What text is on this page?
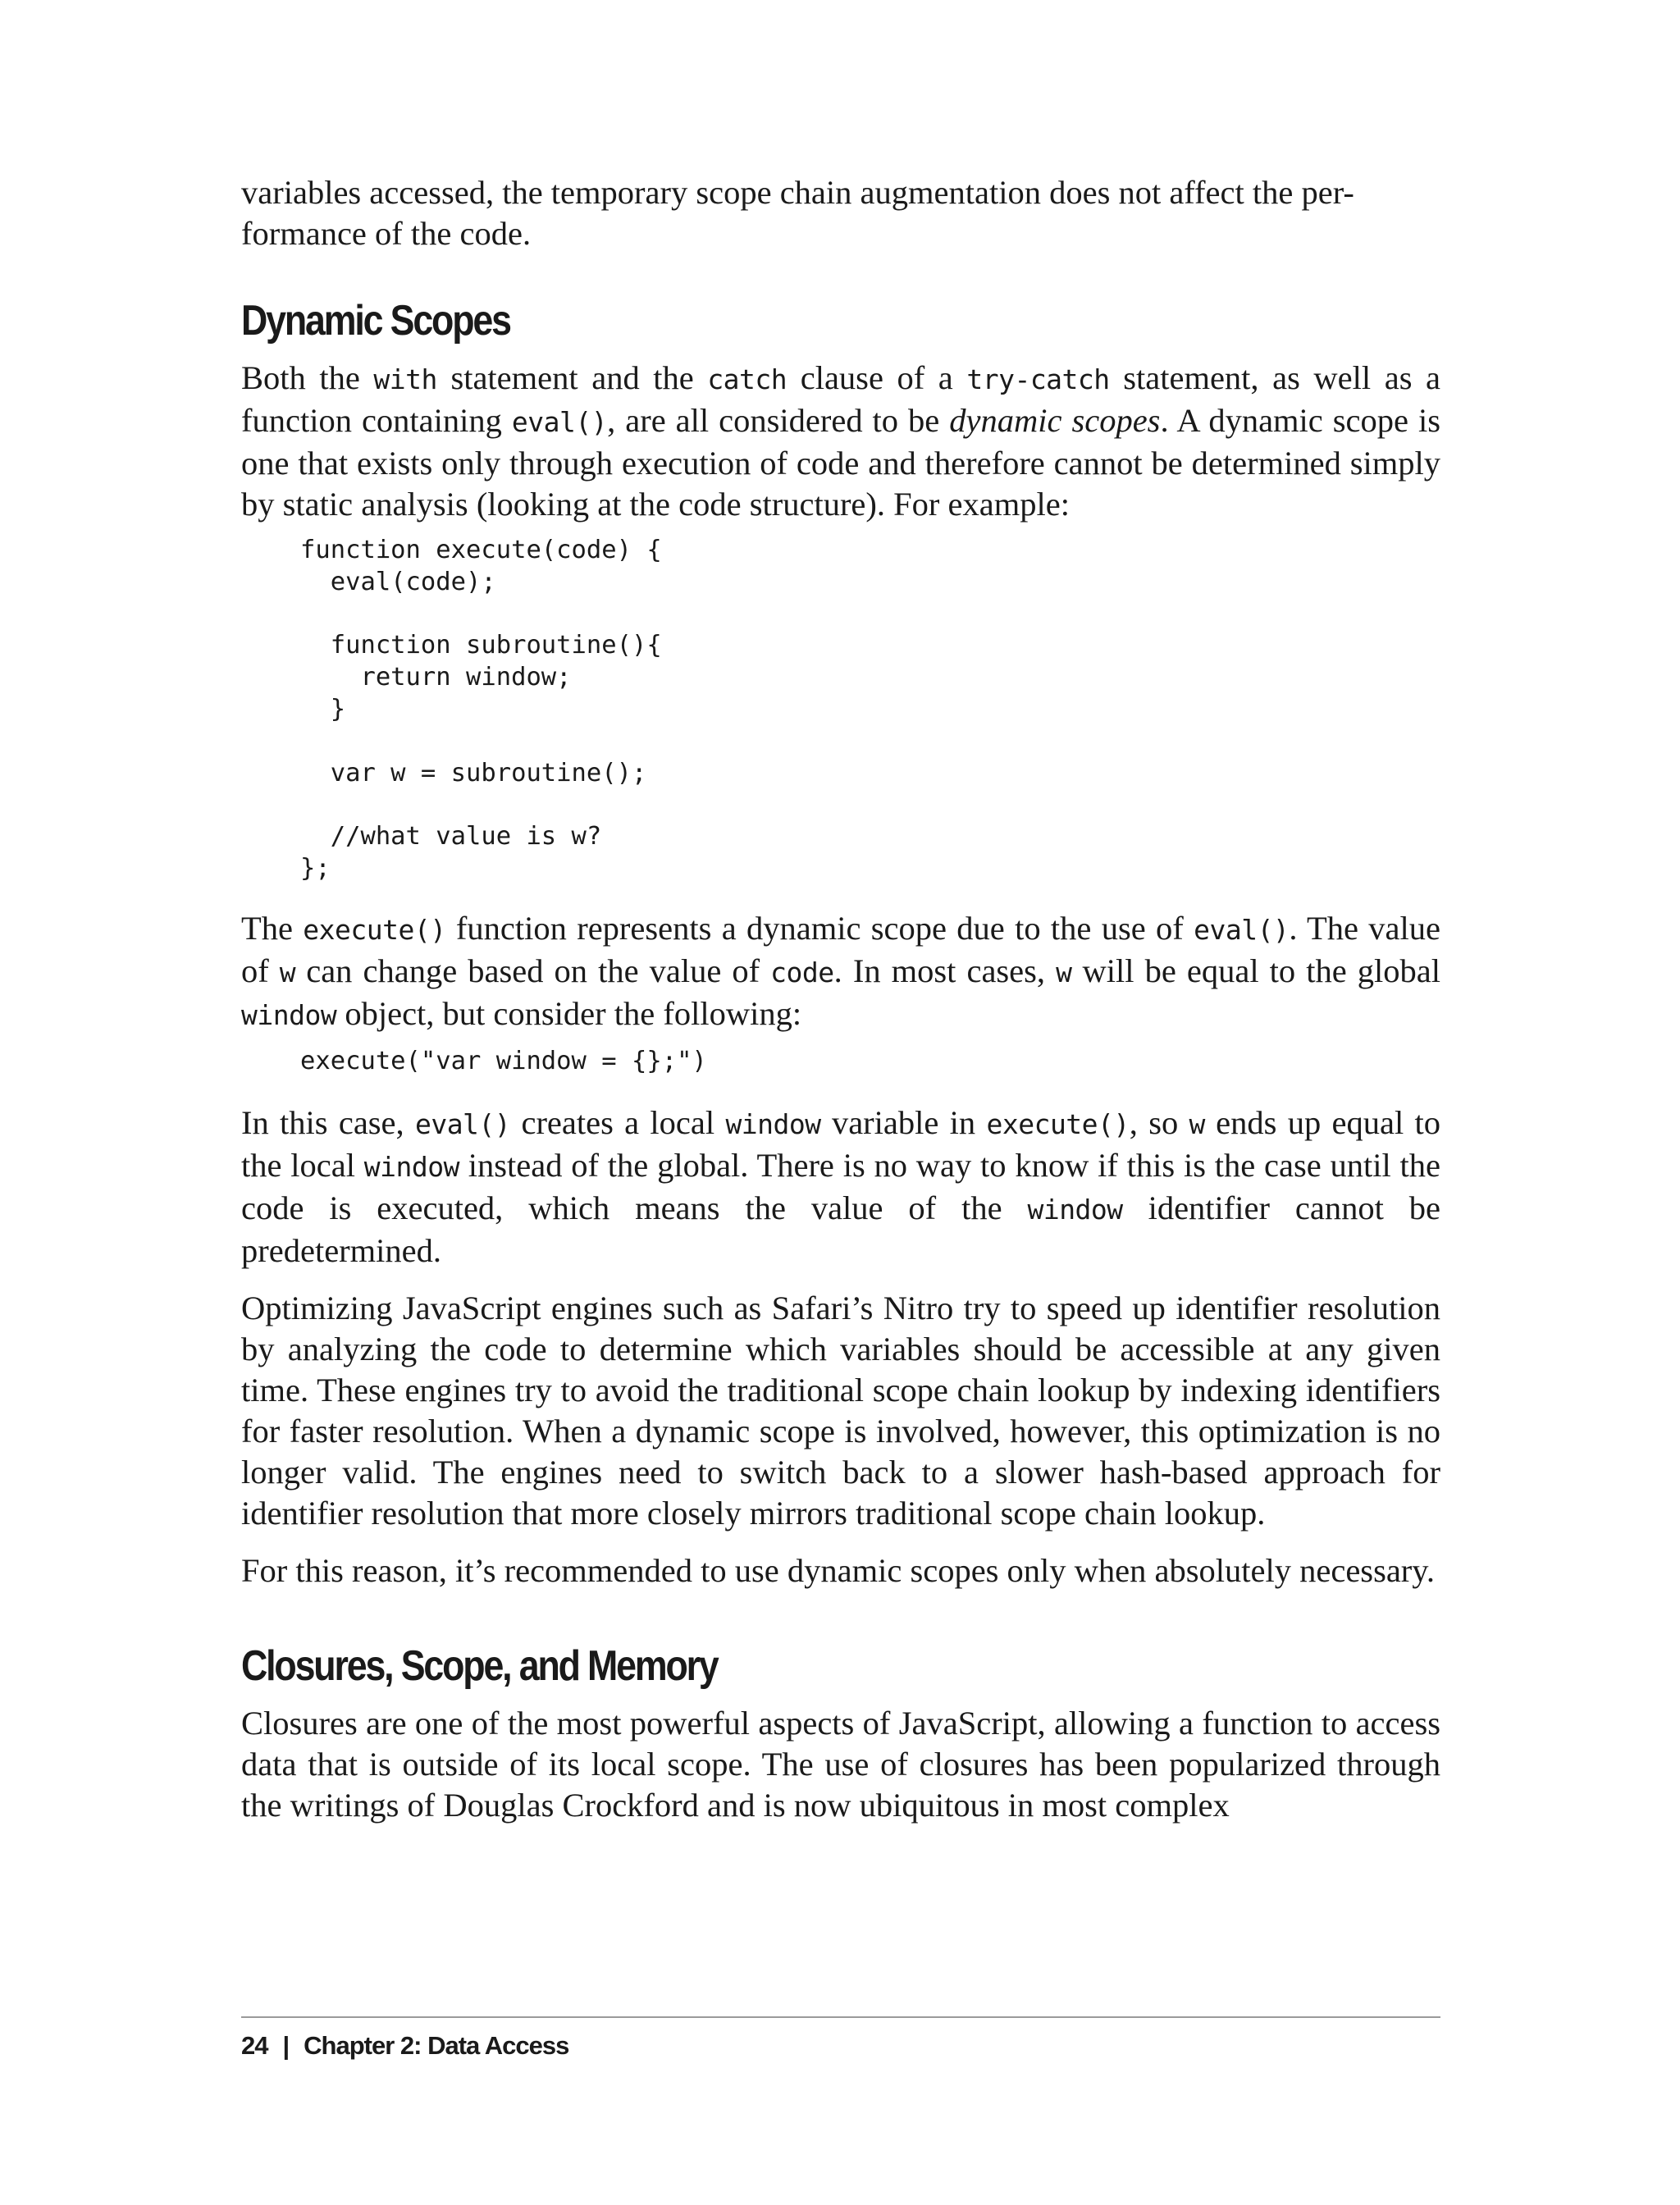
variables accessed, the temporary scope chain augmentation does not affect the per-
formance of the code.

Dynamic Scopes

Both the with statement and the catch clause of a try-catch statement, as well as a function containing eval(), are all considered to be dynamic scopes. A dynamic scope is one that exists only through execution of code and therefore cannot be determined simply by static analysis (looking at the code structure). For example:

function execute(code) {
eval(code);

function subroutine(){
return window;
}

var w = subroutine();

//what value is w?
};

The execute() function represents a dynamic scope due to the use of eval(). The value of w can change based on the value of code. In most cases, w will be equal to the global window object, but consider the following:

execute("var window = {};")

In this case, eval() creates a local window variable in execute(), so w ends up equal to the local window instead of the global. There is no way to know if this is the case until the code is executed, which means the value of the window identifier cannot be predetermined.

Optimizing JavaScript engines such as Safari’s Nitro try to speed up identifier resolution by analyzing the code to determine which variables should be accessible at any given time. These engines try to avoid the traditional scope chain lookup by indexing identifiers for faster resolution. When a dynamic scope is involved, however, this optimization is no longer valid. The engines need to switch back to a slower hash-based approach for identifier resolution that more closely mirrors traditional scope chain lookup.

For this reason, it’s recommended to use dynamic scopes only when absolutely necessary.

Closures, Scope, and Memory

Closures are one of the most powerful aspects of JavaScript, allowing a function to access data that is outside of its local scope. The use of closures has been popularized through the writings of Douglas Crockford and is now ubiquitous in most complex

24 | Chapter 2: Data Access
